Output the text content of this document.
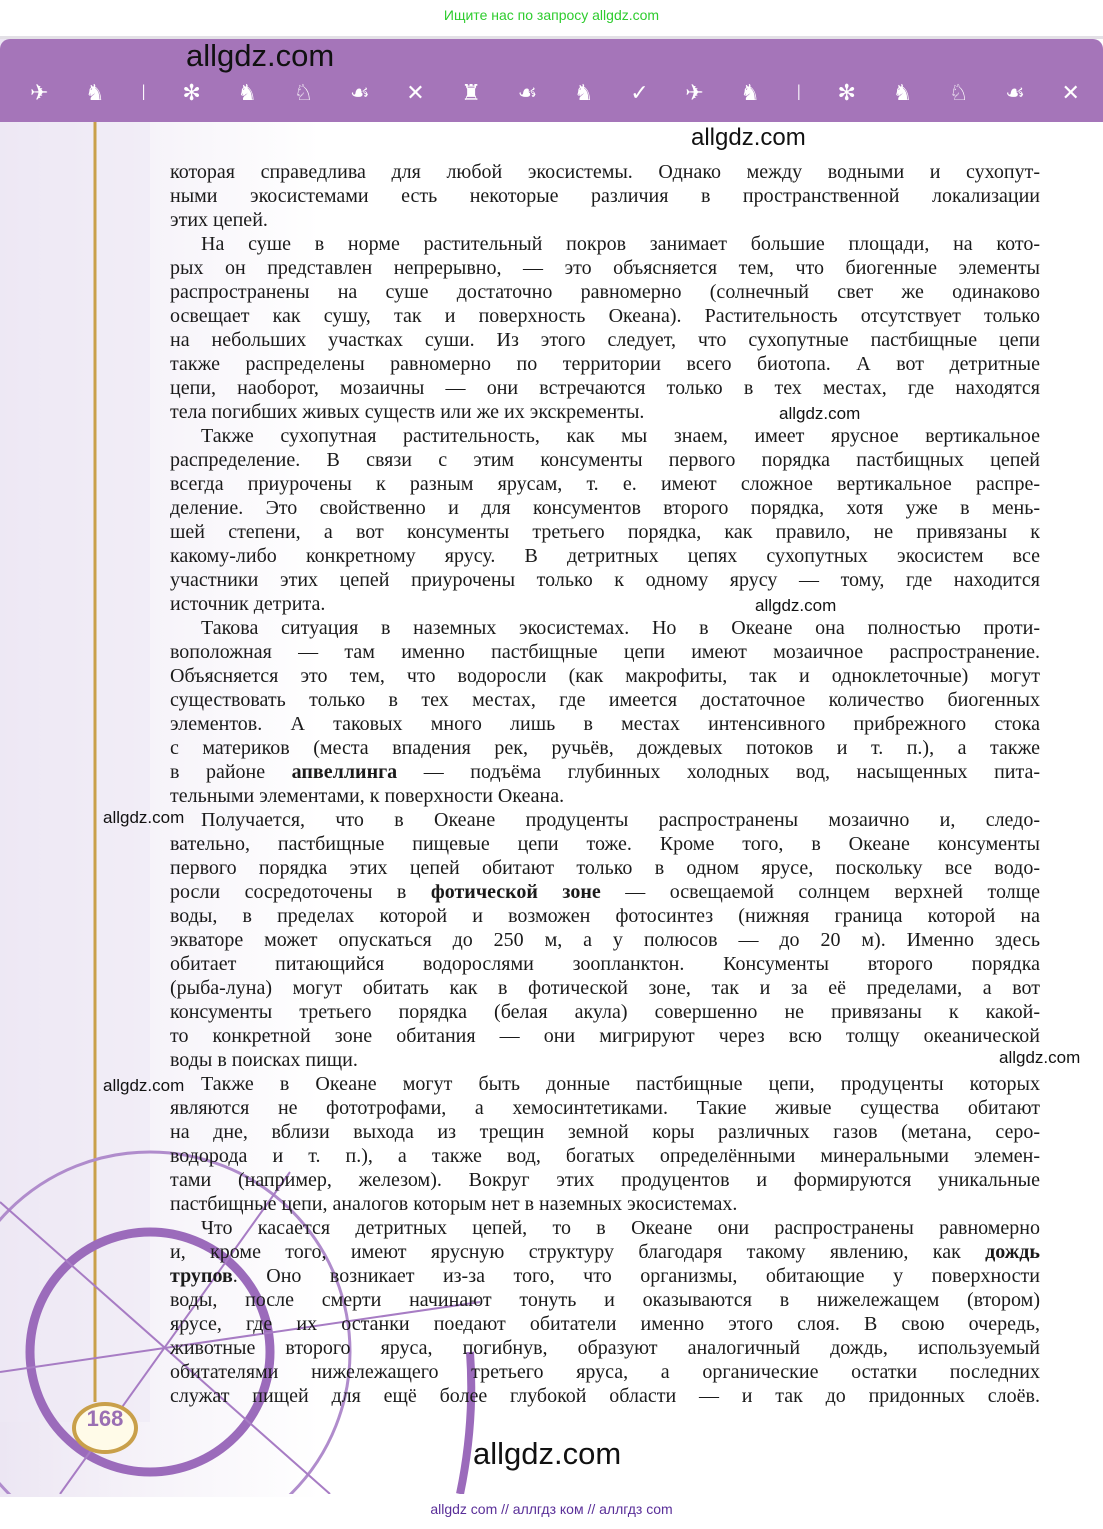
Ищите нас по запросу allgdz.com
✈ ♞ ǀ ✻ ♞ ♘ ☙ ✕ ♜ ☙ ♞ ✓ ✈ ♞ ǀ ✻ ♞ ♘ ☙ ✕
allgdz.com
allgdz.com
которая справедлива для любой экосистемы. Однако между водными и сухопут-
ными экосистемами есть некоторые различия в пространственной локализации
этих цепей.
На суше в норме растительный покров занимает большие площади, на кото-
рых он представлен непрерывно, — это объясняется тем, что биогенные элементы
распространены на суше достаточно равномерно (солнечный свет же одинаково
освещает как сушу, так и поверхность Океана). Растительность отсутствует только
на небольших участках суши. Из этого следует, что сухопутные пастбищные цепи
также распределены равномерно по территории всего биотопа. А вот детритные
цепи, наоборот, мозаичны — они встречаются только в тех местах, где находятся
тела погибших живых существ или же их экскременты.
Также сухопутная растительность, как мы знаем, имеет ярусное вертикальное
распределение. В связи с этим консументы первого порядка пастбищных цепей
всегда приурочены к разным ярусам, т. е. имеют сложное вертикальное распре-
деление. Это свойственно и для консументов второго порядка, хотя уже в мень-
шей степени, а вот консументы третьего порядка, как правило, не привязаны к
какому-либо конкретному ярусу. В детритных цепях сухопутных экосистем все
участники этих цепей приурочены только к одному ярусу — тому, где находится
источник детрита.
Такова ситуация в наземных экосистемах. Но в Океане она полностью проти-
воположная — там именно пастбищные цепи имеют мозаичное распространение.
Объясняется это тем, что водоросли (как макрофиты, так и одноклеточные) могут
существовать только в тех местах, где имеется достаточное количество биогенных
элементов. А таковых много лишь в местах интенсивного прибрежного стока
с материков (места впадения рек, ручьёв, дождевых потоков и т. п.), а также
в районе апвеллинга — подъёма глубинных холодных вод, насыщенных пита-
тельными элементами, к поверхности Океана.
Получается, что в Океане продуценты распространены мозаично и, следо-
вательно, пастбищные пищевые цепи тоже. Кроме того, в Океане консументы
первого порядка этих цепей обитают только в одном ярусе, поскольку все водо-
росли сосредоточены в фотической зоне — освещаемой солнцем верхней толще
воды, в пределах которой и возможен фотосинтез (нижняя граница которой на
экваторе может опускаться до 250 м, а у полюсов — до 20 м). Именно здесь
обитает питающийся водорослями зоопланктон. Консументы второго порядка
(рыба-луна) могут обитать как в фотической зоне, так и за её пределами, а вот
консументы третьего порядка (белая акула) совершенно не привязаны к какой-
то конкретной зоне обитания — они мигрируют через всю толщу океанической
воды в поисках пищи.
Также в Океане могут быть донные пастбищные цепи, продуценты которых
являются не фототрофами, а хемосинтетиками. Такие живые существа обитают
на дне, вблизи выхода из трещин земной коры различных газов (метана, серо-
водорода и т. п.), а также вод, богатых определёнными минеральными элемен-
тами (например, железом). Вокруг этих продуцентов и формируются уникальные
пастбищные цепи, аналогов которым нет в наземных экосистемах.
Что касается детритных цепей, то в Океане они распространены равномерно
и, кроме того, имеют ярусную структуру благодаря такому явлению, как дождь
трупов. Оно возникает из-за того, что организмы, обитающие у поверхности
воды, после смерти начинают тонуть и оказываются в нижележащем (втором)
ярусе, где их останки поедают обитатели именно этого слоя. В свою очередь,
животные второго яруса, погибнув, образуют аналогичный дождь, используемый
обитателями нижележащего третьего яруса, а органические остатки последних
служат пищей для ещё более глубокой области — и так до придонных слоёв.
allgdz.com
allgdz.com
allgdz.com
allgdz.com
allgdz.com
allgdz.com
168
allgdz com // аллгдз ком // аллгдз com
